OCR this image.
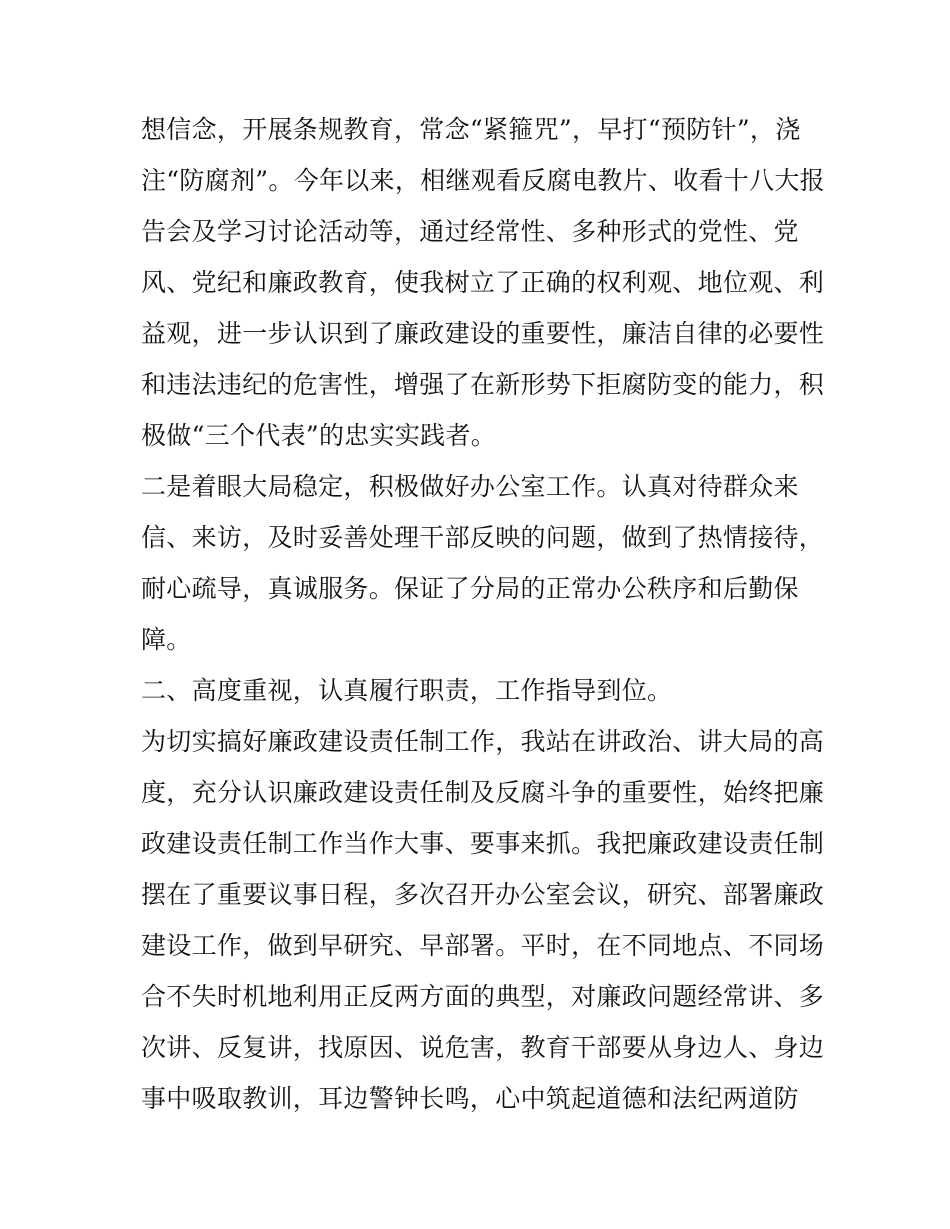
想信念，开展条规教育，常念“紧箍咒”，早打“预防针”，浇
注“防腐剂”。今年以来，相继观看反腐电教片、收看十八大报
告会及学习讨论活动等，通过经常性、多种形式的党性、党
风、党纪和廉政教育，使我树立了正确的权利观、地位观、利
益观，进一步认识到了廉政建设的重要性，廉洁自律的必要性
和违法违纪的危害性，增强了在新形势下拒腐防变的能力，积
极做“三个代表”的忠实实践者。
二是着眼大局稳定，积极做好办公室工作。认真对待群众来
信、来访，及时妥善处理干部反映的问题，做到了热情接待，
耐心疏导，真诚服务。保证了分局的正常办公秩序和后勤保
障。
二、高度重视，认真履行职责，工作指导到位。
为切实搞好廉政建设责任制工作，我站在讲政治、讲大局的高
度，充分认识廉政建设责任制及反腐斗争的重要性，始终把廉
政建设责任制工作当作大事、要事来抓。我把廉政建设责任制
摆在了重要议事日程，多次召开办公室会议，研究、部署廉政
建设工作，做到早研究、早部署。平时，在不同地点、不同场
合不失时机地利用正反两方面的典型，对廉政问题经常讲、多
次讲、反复讲，找原因、说危害，教育干部要从身边人、身边
事中吸取教训，耳边警钟长鸣，心中筑起道德和法纪两道防
